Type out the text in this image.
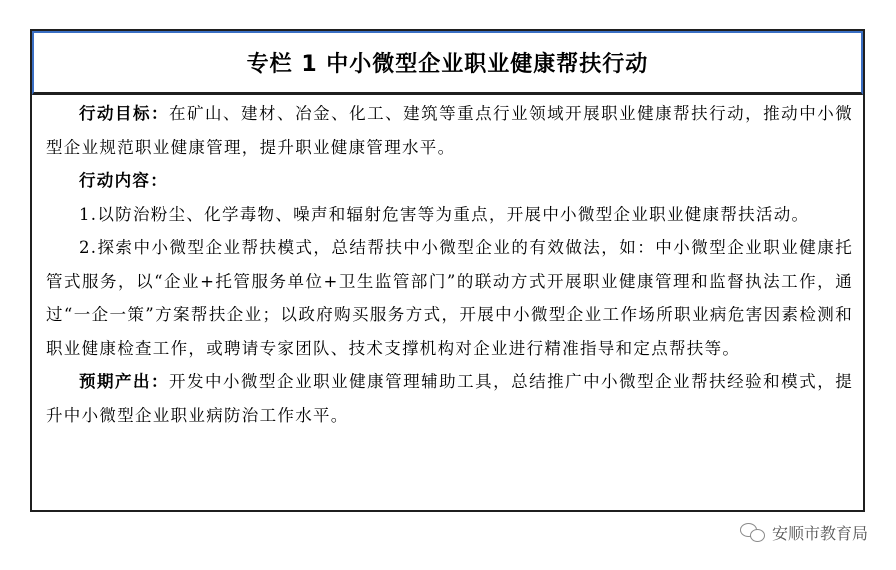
专栏 1 中小微型企业职业健康帮扶行动

行动目标：在矿山、建材、冶金、化工、建筑等重点行业领域开展职业健康帮扶行动，推动中小微型企业规范职业健康管理，提升职业健康管理水平。

行动内容：

1.以防治粉尘、化学毒物、噪声和辐射危害等为重点，开展中小微型企业职业健康帮扶活动。

2.探索中小微型企业帮扶模式，总结帮扶中小微型企业的有效做法，如：中小微型企业职业健康托管式服务，以“企业+托管服务单位+卫生监管部门”的联动方式开展职业健康管理和监督执法工作，通过“一企一策”方案帮扶企业；以政府购买服务方式，开展中小微型企业工作场所职业病危害因素检测和职业健康检查工作，或聘请专家团队、技术支撑机构对企业进行精准指导和定点帮扶等。

预期产出：开发中小微型企业职业健康管理辅助工具，总结推广中小微型企业帮扶经验和模式，提升中小微型企业职业病防治工作水平。

安顺市教育局
